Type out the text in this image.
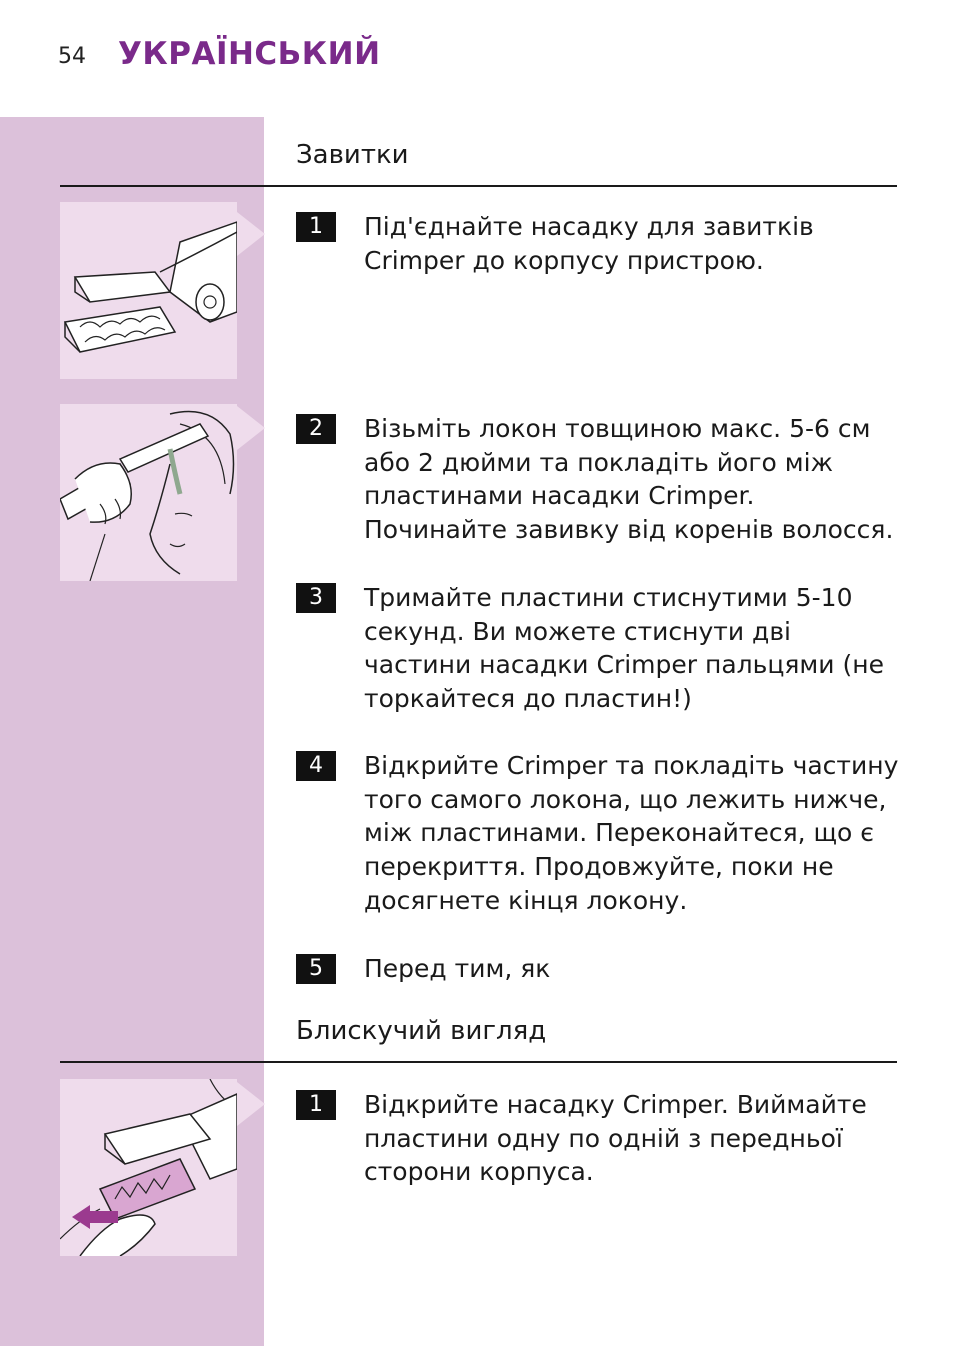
54 УКРАЇНСЬКИЙ
Завитки
1	Під'єднайте насадку для завитків Crimper до корпусу пристрою.
2	Візьміть локон товщиною макс. 5-6 см або 2 дюйми та покладіть його між пластинами насадки Crimper. Починайте завивку від коренів волосся.
3	Тримайте пластини стиснутими 5-10 секунд. Ви можете стиснути дві частини насадки Crimper пальцями (не торкайтеся до пластин!)
4	Відкрийте Crimper та покладіть частину того самого локона, що лежить нижче, між пластинами. Переконайтеся, що є перекриття. Продовжуйте, поки не досягнете кінця локону.
5	Перед тим, як
Блискучий вигляд
1	Відкрийте насадку Crimper. Виймайте пластини одну по одній з передньої сторони корпуса.
